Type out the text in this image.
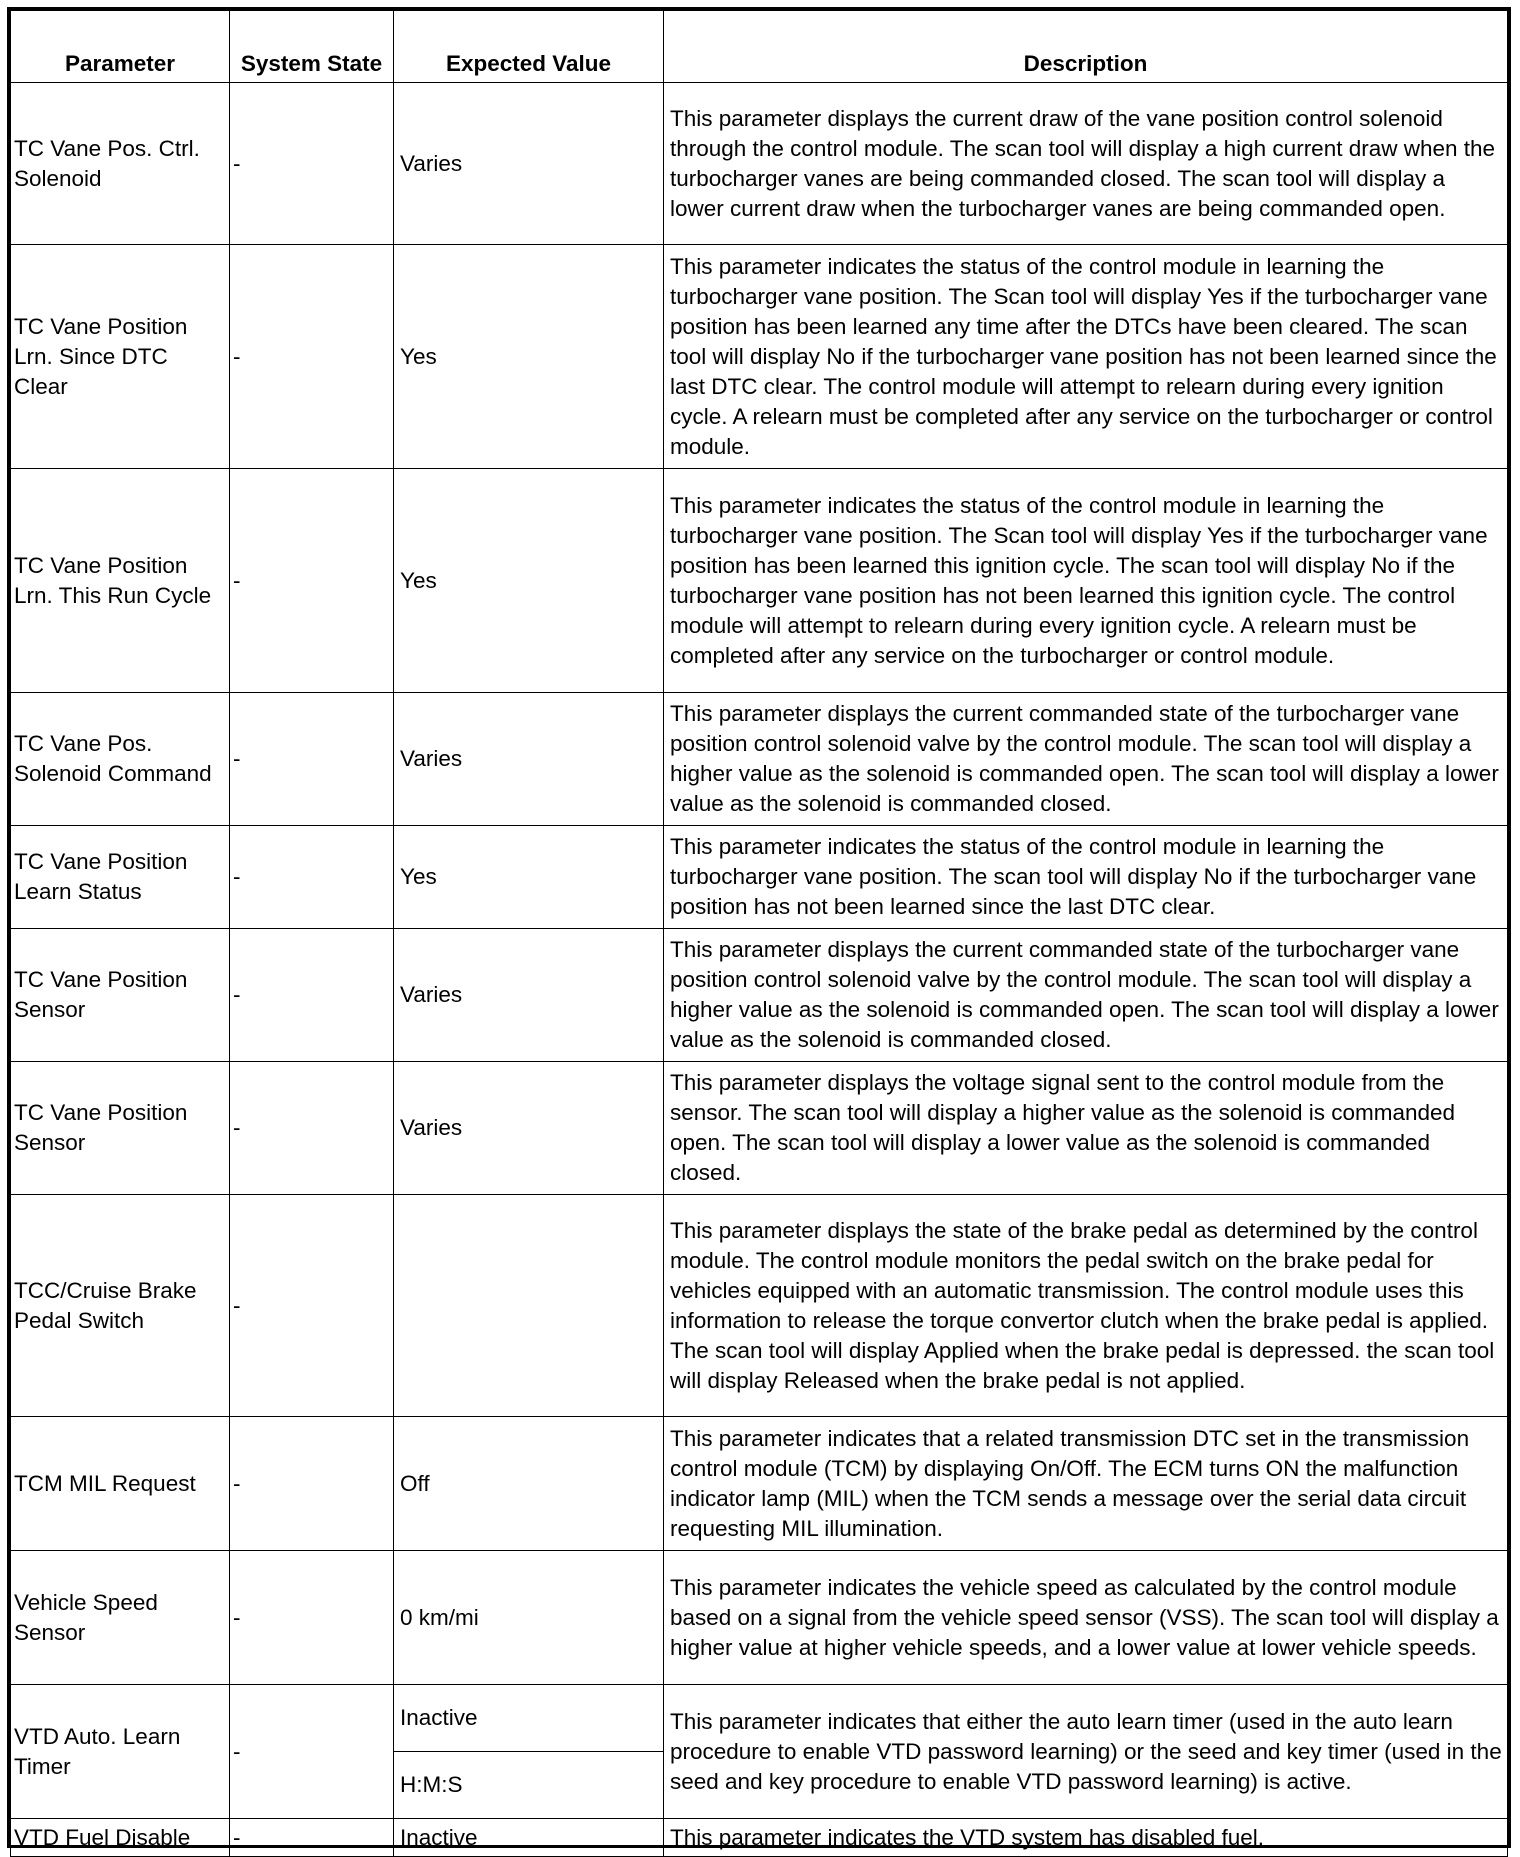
Parameter	System State	Expected Value	Description
TC Vane Pos. Ctrl. Solenoid	-	Varies	This parameter displays the current draw of the vane position control solenoid through the control module. The scan tool will display a high current draw when the turbocharger vanes are being commanded closed. The scan tool will display a lower current draw when the turbocharger vanes are being commanded open.
TC Vane Position Lrn. Since DTC Clear	-	Yes	This parameter indicates the status of the control module in learning the turbocharger vane position. The Scan tool will display Yes if the turbocharger vane position has been learned any time after the DTCs have been cleared. The scan tool will display No if the turbocharger vane position has not been learned since the last DTC clear. The control module will attempt to relearn during every ignition cycle. A relearn must be completed after any service on the turbocharger or control module.
TC Vane Position Lrn. This Run Cycle	-	Yes	This parameter indicates the status of the control module in learning the turbocharger vane position. The Scan tool will display Yes if the turbocharger vane position has been learned this ignition cycle. The scan tool will display No if the turbocharger vane position has not been learned this ignition cycle. The control module will attempt to relearn during every ignition cycle. A relearn must be completed after any service on the turbocharger or control module.
TC Vane Pos. Solenoid Command	-	Varies	This parameter displays the current commanded state of the turbocharger vane position control solenoid valve by the control module. The scan tool will display a higher value as the solenoid is commanded open. The scan tool will display a lower value as the solenoid is commanded closed.
TC Vane Position Learn Status	-	Yes	This parameter indicates the status of the control module in learning the turbocharger vane position. The scan tool will display No if the turbocharger vane position has not been learned since the last DTC clear.
TC Vane Position Sensor	-	Varies	This parameter displays the current commanded state of the turbocharger vane position control solenoid valve by the control module. The scan tool will display a higher value as the solenoid is commanded open. The scan tool will display a lower value as the solenoid is commanded closed.
TC Vane Position Sensor	-	Varies	This parameter displays the voltage signal sent to the control module from the sensor. The scan tool will display a higher value as the solenoid is commanded open. The scan tool will display a lower value as the solenoid is commanded closed.
TCC/Cruise Brake Pedal Switch	-		This parameter displays the state of the brake pedal as determined by the control module. The control module monitors the pedal switch on the brake pedal for vehicles equipped with an automatic transmission. The control module uses this information to release the torque convertor clutch when the brake pedal is applied. The scan tool will display Applied when the brake pedal is depressed. the scan tool will display Released when the brake pedal is not applied.
TCM MIL Request	-	Off	This parameter indicates that a related transmission DTC set in the transmission control module (TCM) by displaying On/Off. The ECM turns ON the malfunction indicator lamp (MIL) when the TCM sends a message over the serial data circuit requesting MIL illumination.
Vehicle Speed Sensor	-	0 km/mi	This parameter indicates the vehicle speed as calculated by the control module based on a signal from the vehicle speed sensor (VSS). The scan tool will display a higher value at higher vehicle speeds, and a lower value at lower vehicle speeds.
VTD Auto. Learn Timer	-	Inactive	This parameter indicates that either the auto learn timer (used in the auto learn procedure to enable VTD password learning) or the seed and key timer (used in the seed and key procedure to enable VTD password learning) is active.
		H:M:S	
VTD Fuel Disable	-	Inactive	This parameter indicates the VTD system has disabled fuel.
